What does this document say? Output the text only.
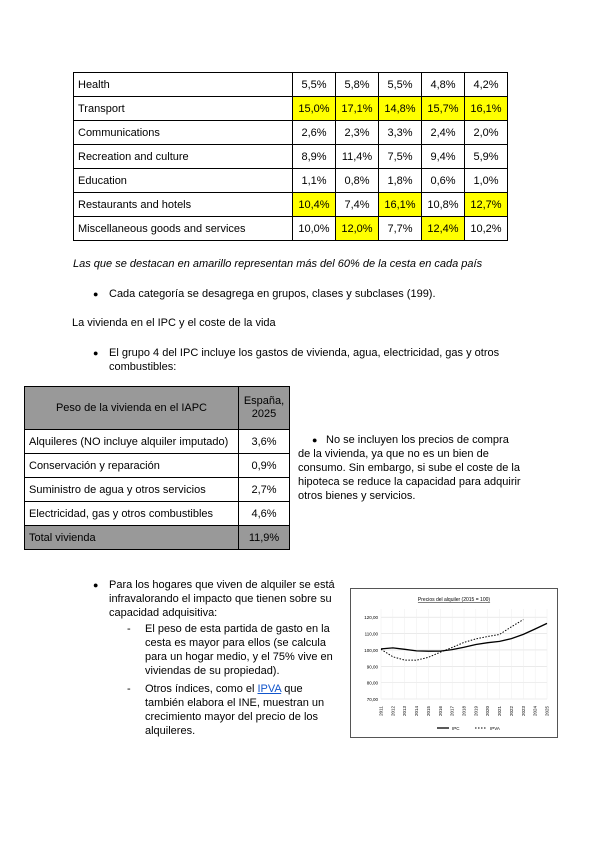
Health	5,5%	5,8%	5,5%	4,8%	4,2%
Transport	15,0%	17,1%	14,8%	15,7%	16,1%
Communications	2,6%	2,3%	3,3%	2,4%	2,0%
Recreation and culture	8,9%	11,4%	7,5%	9,4%	5,9%
Education	1,1%	0,8%	1,8%	0,6%	1,0%
Restaurants and hotels	10,4%	7,4%	16,1%	10,8%	12,7%
Miscellaneous goods and services	10,0%	12,0%	7,7%	12,4%	10,2%
Las que se destacan en amarillo representan más del 60% de la cesta en cada país
● Cada categoría se desagrega en grupos, clases y subclases (199).
La vivienda en el IPC y el coste de la vida
● El grupo 4 del IPC incluye los gastos de vivienda, agua, electricidad, gas y otros
combustibles:
Peso de la vivienda en el IAPC	España,
2025

Alquileres (NO incluye alquiler imputado)	3,6%
Conservación y reparación	0,9%
Suministro de agua y otros servicios	2,7%
Electricidad, gas y otros combustibles	4,6%
Total vivienda	11,9%
● No se incluyen los precios de compra
de la vivienda, ya que no es un bien de
consumo. Sin embargo, si sube el coste de la
hipoteca se reduce la capacidad para adquirir
otros bienes y servicios.
● Para los hogares que viven de alquiler se está
infravalorando el impacto que tienen sobre su
capacidad adquisitiva:
- El peso de esta partida de gasto en la
cesta es mayor para ellos (se calcula
para un hogar medio, y el 75% vive en
viviendas de su propiedad).
- Otros índices, como el IPVA que
también elabora el INE, muestran un
crecimiento mayor del precio de los
alquileres.
Precios del alquiler (2015 = 100)
120,00
110,00
100,00
90,00
80,00
70,00
2011 2012 2013 2014 2015 2016 2017 2018 2019 2020 2021 2022 2023 2024 2025
IPC	IPVA
